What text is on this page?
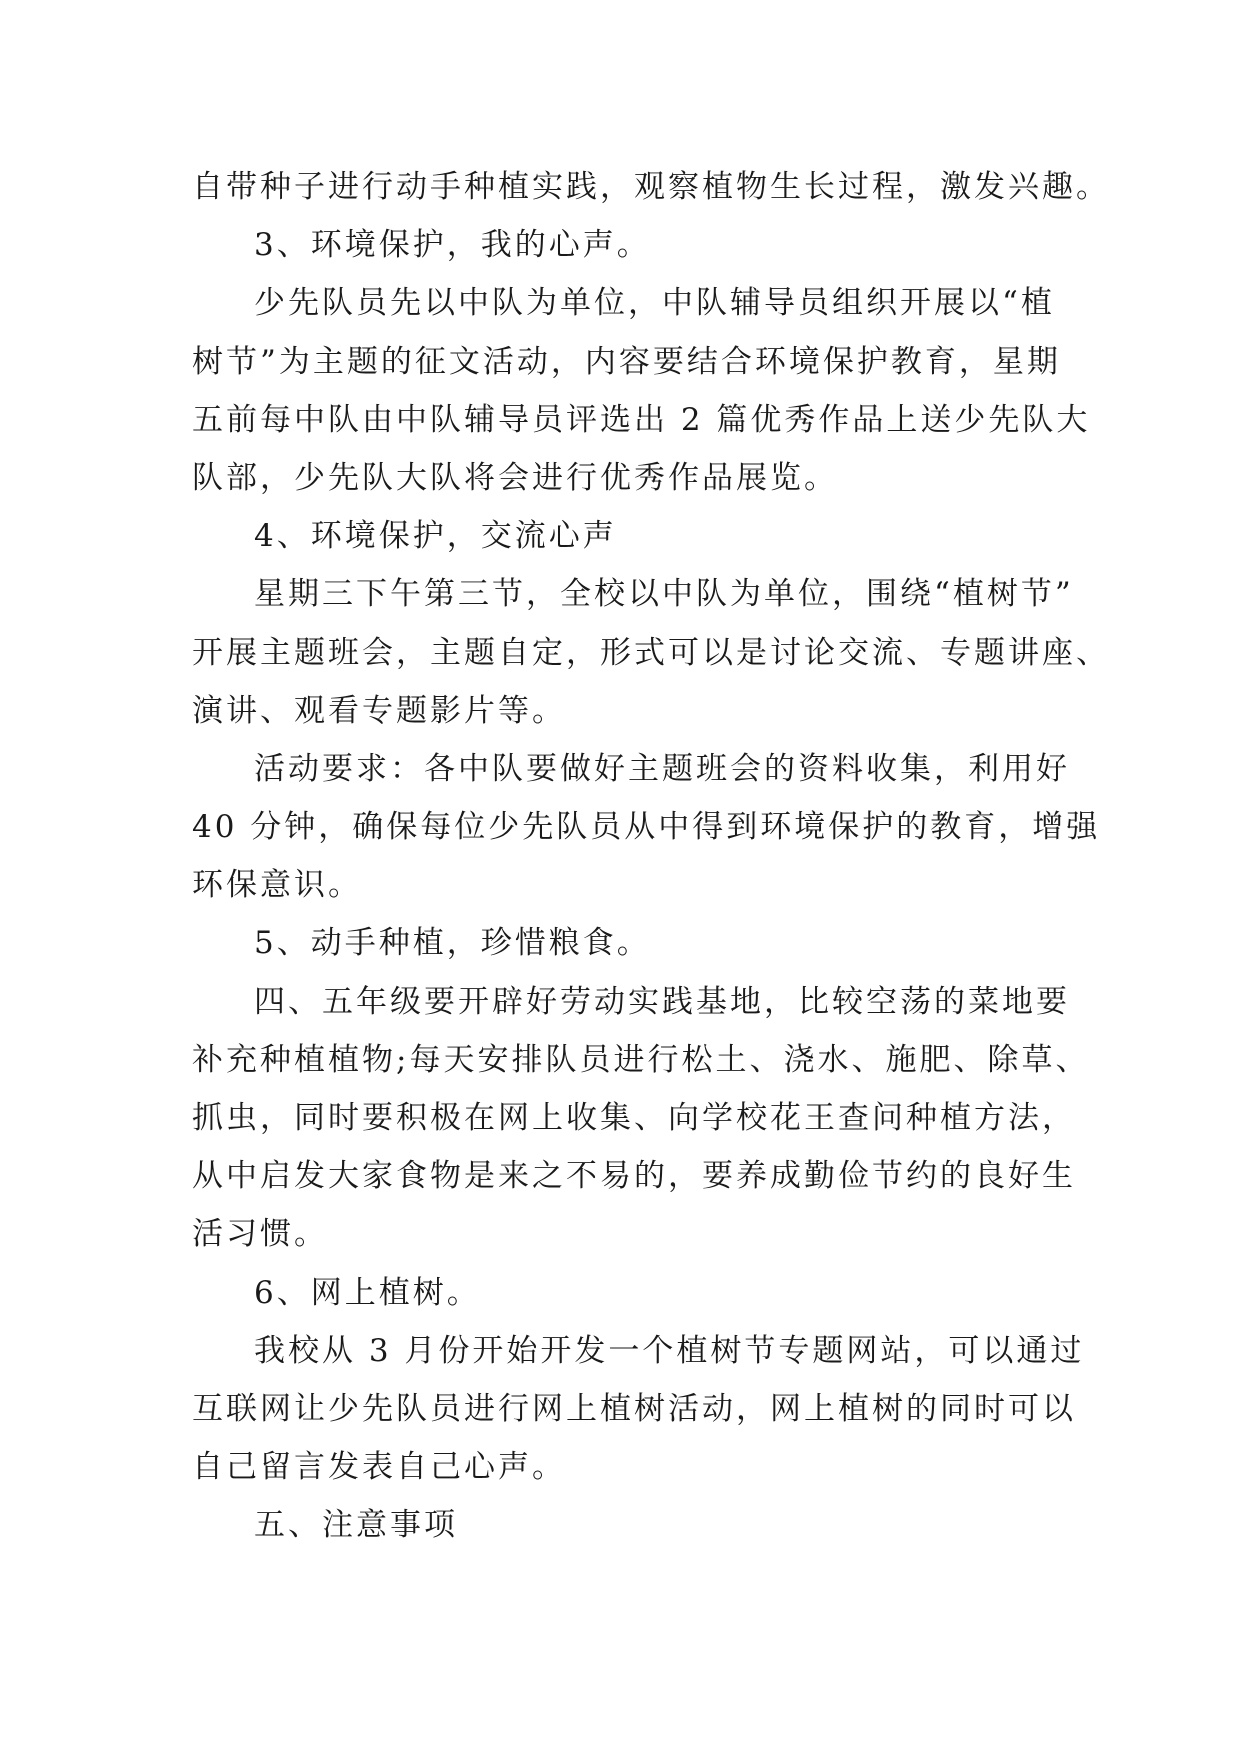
自带种子进行动手种植实践，观察植物生长过程，激发兴趣。
3、环境保护，我的心声。
少先队员先以中队为单位，中队辅导员组织开展以“植
树节”为主题的征文活动，内容要结合环境保护教育，星期
五前每中队由中队辅导员评选出 2 篇优秀作品上送少先队大
队部，少先队大队将会进行优秀作品展览。
4、环境保护，交流心声
星期三下午第三节，全校以中队为单位，围绕“植树节”
开展主题班会，主题自定，形式可以是讨论交流、专题讲座、
演讲、观看专题影片等。
活动要求：各中队要做好主题班会的资料收集，利用好
40 分钟，确保每位少先队员从中得到环境保护的教育，增强
环保意识。
5、动手种植，珍惜粮食。
四、五年级要开辟好劳动实践基地，比较空荡的菜地要
补充种植植物;每天安排队员进行松土、浇水、施肥、除草、
抓虫，同时要积极在网上收集、向学校花王查问种植方法，
从中启发大家食物是来之不易的，要养成勤俭节约的良好生
活习惯。
6、网上植树。
我校从 3 月份开始开发一个植树节专题网站，可以通过
互联网让少先队员进行网上植树活动，网上植树的同时可以
自己留言发表自己心声。
五、注意事项
